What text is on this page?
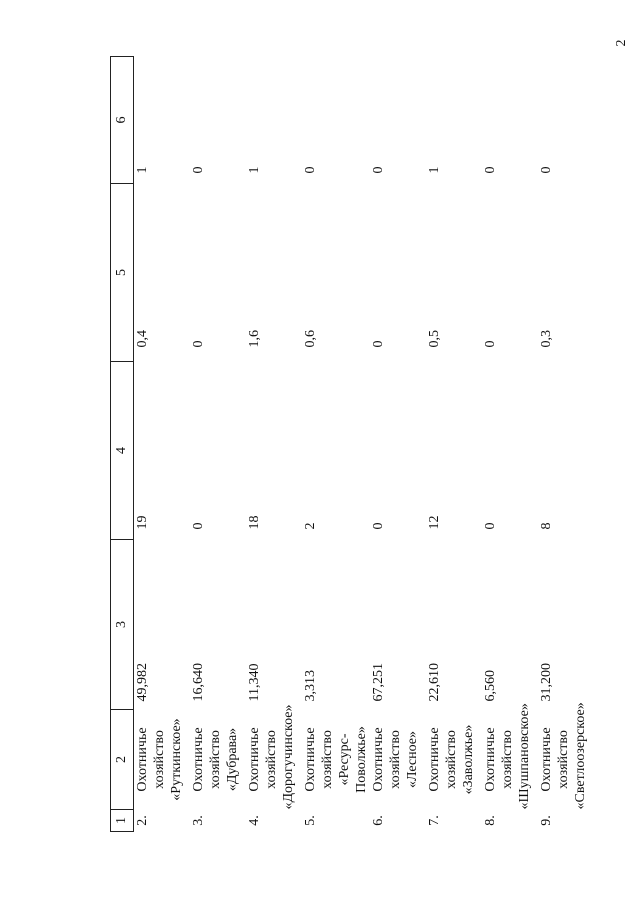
2
1	2	3	4	5	6
2.	Охотничье хозяйство «Руткинское»	49,982	19	0,4	1
3.	Охотничье хозяйство «Дубрава»	16,640	0	0	0
4.	Охотничье хозяйство «Дорогучинское»	11,340	18	1,6	1
5.	Охотничье хозяйство «Ресурс-Поволжье»	3,313	2	0,6	0
6.	Охотничье хозяйство «Лесное»	67,251	0	0	0
7.	Охотничье хозяйство «Заволжье»	22,610	12	0,5	1
8.	Охотничье хозяйство «Шушпановское»	6,560	0	0	0
9.	Охотничье хозяйство «Светлоозерское»	31,200	8	0,3	0
